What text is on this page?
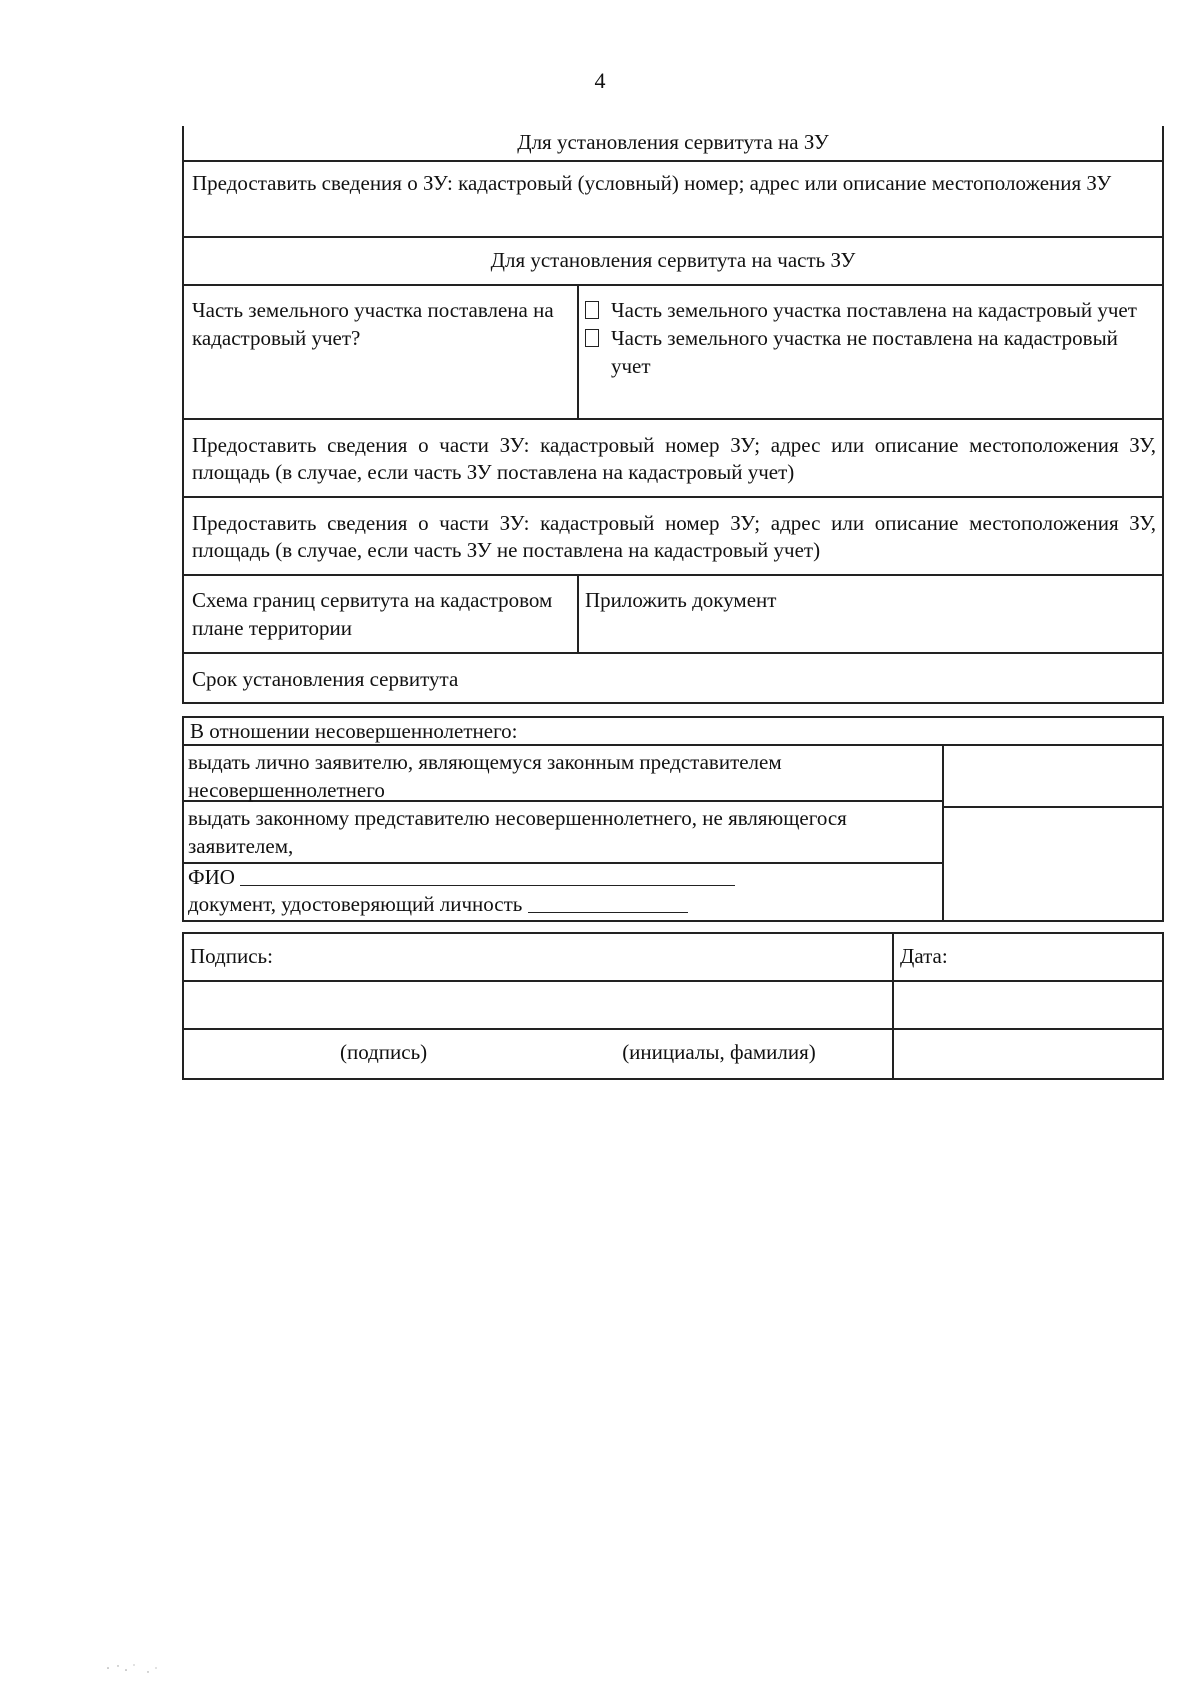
4
Для установления сервитута на ЗУ
Предоставить сведения о ЗУ: кадастровый (условный) номер; адрес или описание местоположения ЗУ
Для установления сервитута на часть ЗУ
Часть земельного участка поставлена на кадастровый учет?
Часть земельного участка поставлена на кадастровый учет
Часть земельного участка не поставлена на кадастровый учет
Предоставить сведения о части ЗУ: кадастровый номер ЗУ; адрес или описание местоположения ЗУ, площадь (в случае, если часть ЗУ поставлена на кадастровый учет)
Предоставить сведения о части ЗУ: кадастровый номер ЗУ; адрес или описание местоположения ЗУ, площадь (в случае, если часть ЗУ не поставлена на кадастровый учет)
Схема границ сервитута на кадастровом плане территории
Приложить документ
Срок установления сервитута
В отношении несовершеннолетнего:
выдать лично заявителю, являющемуся законным представителем несовершеннолетнего
выдать законному представителю несовершеннолетнего, не являющегося заявителем,
ФИО
документ, удостоверяющий личность
Подпись:	Дата:
(подпись)	(инициалы, фамилия)
